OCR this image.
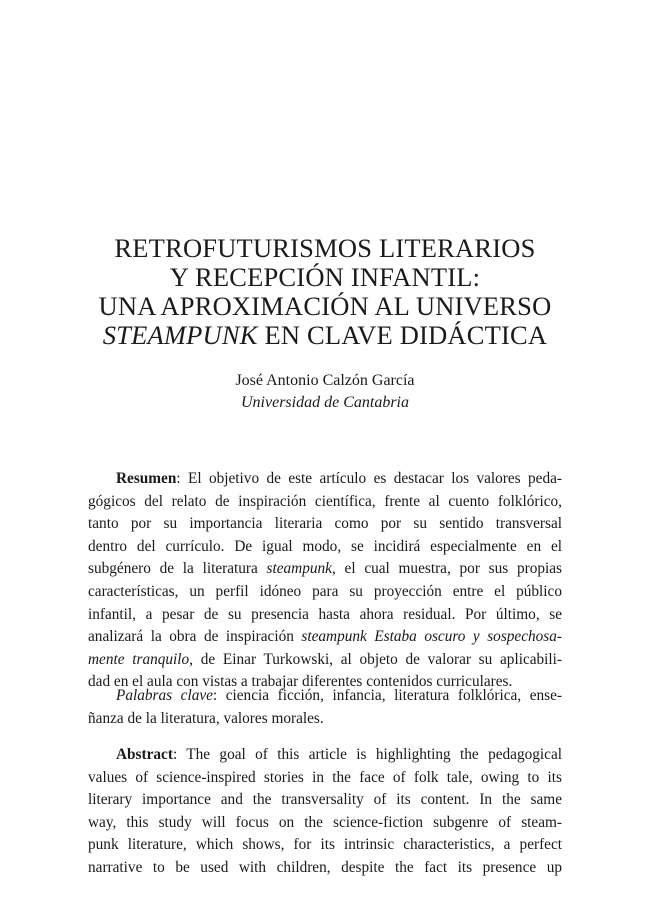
RETROFUTURISMOS LITERARIOS
Y RECEPCIÓN INFANTIL:
UNA APROXIMACIÓN AL UNIVERSO
STEAMPUNK EN CLAVE DIDÁCTICA
José Antonio Calzón García
Universidad de Cantabria
Resumen: El objetivo de este artículo es destacar los valores peda-
gógicos del relato de inspiración científica, frente al cuento folklórico,
tanto por su importancia literaria como por su sentido transversal
dentro del currículo. De igual modo, se incidirá especialmente en el
subgénero de la literatura steampunk, el cual muestra, por sus propias
características, un perfil idóneo para su proyección entre el público
infantil, a pesar de su presencia hasta ahora residual. Por último, se
analizará la obra de inspiración steampunk Estaba oscuro y sospechosa-
mente tranquilo, de Einar Turkowski, al objeto de valorar su aplicabili-
dad en el aula con vistas a trabajar diferentes contenidos curriculares.
Palabras clave: ciencia ficción, infancia, literatura folklórica, ense-
ñanza de la literatura, valores morales.
Abstract: The goal of this article is highlighting the pedagogical
values of science-inspired stories in the face of folk tale, owing to its
literary importance and the transversality of its content. In the same
way, this study will focus on the science-fiction subgenre of steam-
punk literature, which shows, for its intrinsic characteristics, a perfect
narrative to be used with children, despite the fact its presence up
